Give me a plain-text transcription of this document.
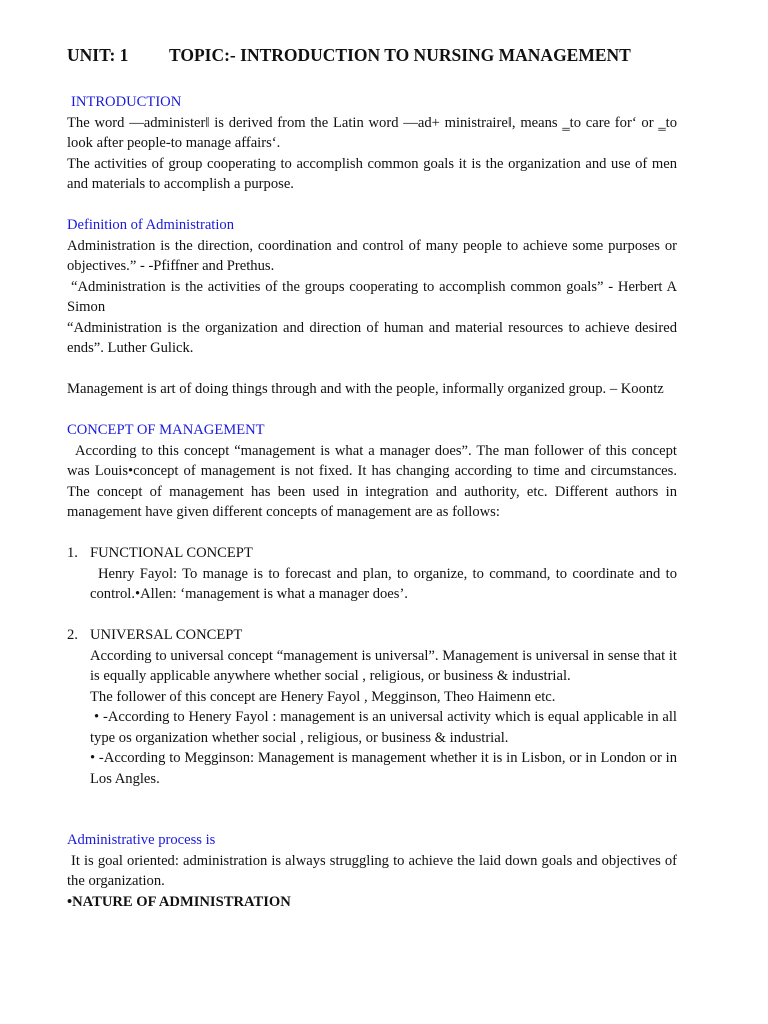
UNIT: 1 TOPIC:- INTRODUCTION TO NURSING MANAGEMENT

INTRODUCTION

The word ―administer‖ is derived from the Latin word ―ad+ ministraire‖, means ‗to care for‘ or ‗to look after people-to manage affairs‘.

The activities of group cooperating to accomplish common goals it is the organization and use of men and materials to accomplish a purpose.

Definition of Administration

Administration is the direction, coordination and control of many people to achieve some purposes or objectives.” - -Pfiffner and Prethus.

“Administration is the activities of the groups cooperating to accomplish common goals” - Herbert A Simon

“Administration is the organization and direction of human and material resources to achieve desired ends”. Luther Gulick.

Management is art of doing things through and with the people, informally organized group. – Koontz

CONCEPT OF MANAGEMENT

According to this concept “management is what a manager does”. The man follower of this concept was Louis•concept of management is not fixed. It has changing according to time and circumstances. The concept of management has been used in integration and authority, etc. Different authors in management have given different concepts of management are as follows:

1. FUNCTIONAL CONCEPT

Henry Fayol: To manage is to forecast and plan, to organize, to command, to coordinate and to control.•Allen: ‘management is what a manager does’.

2. UNIVERSAL CONCEPT

According to universal concept “management is universal”. Management is universal in sense that it is equally applicable anywhere whether social , religious, or business & industrial.

The follower of this concept are Henery Fayol , Megginson, Theo Haimenn etc.

• -According to Henery Fayol : management is an universal activity which is equal applicable in all type os organization whether social , religious, or business & industrial.

• -According to Megginson: Management is management whether it is in Lisbon, or in London or in Los Angles.

Administrative process is

It is goal oriented: administration is always struggling to achieve the laid down goals and objectives of the organization.

•NATURE OF ADMINISTRATION
